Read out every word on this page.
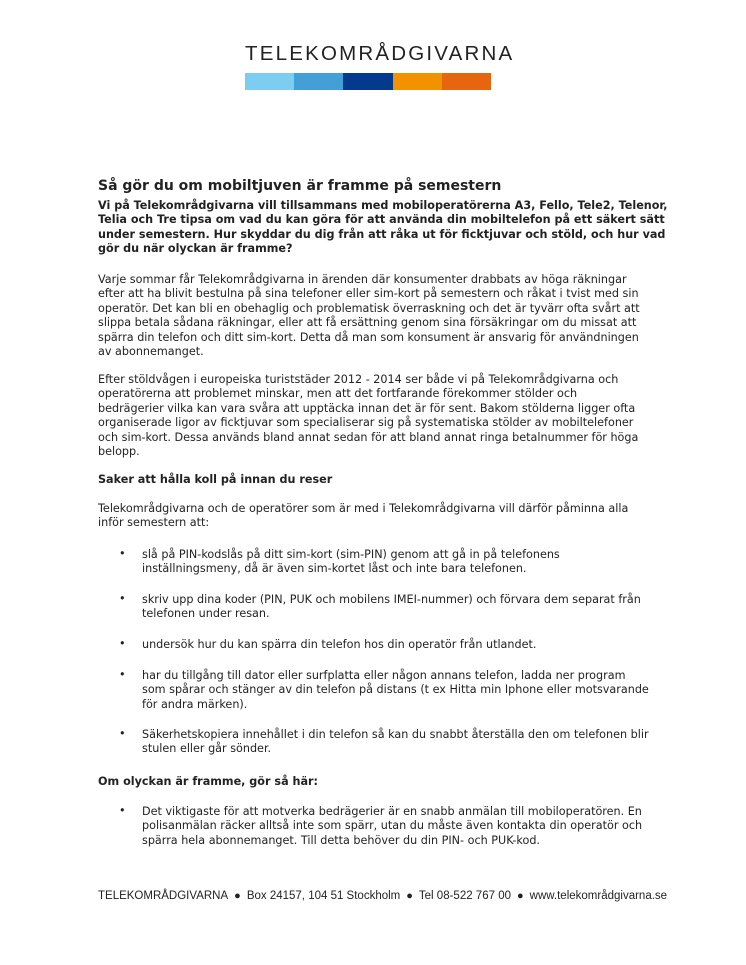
TELEKOMRÅDGIVARNA
Så gör du om mobiltjuven är framme på semestern
Vi på Telekområdgivarna vill tillsammans med mobiloperatörerna A3, Fello, Tele2, Telenor,
Telia och Tre tipsa om vad du kan göra för att använda din mobiltelefon på ett säkert sätt
under semestern. Hur skyddar du dig från att råka ut för ficktjuvar och stöld, och hur vad
gör du när olyckan är framme?
Varje sommar får Telekområdgivarna in ärenden där konsumenter drabbats av höga räkningar
efter att ha blivit bestulna på sina telefoner eller sim-kort på semestern och råkat i tvist med sin
operatör. Det kan bli en obehaglig och problematisk överraskning och det är tyvärr ofta svårt att
slippa betala sådana räkningar, eller att få ersättning genom sina försäkringar om du missat att
spärra din telefon och ditt sim-kort. Detta då man som konsument är ansvarig för användningen
av abonnemanget.
Efter stöldvågen i europeiska turiststäder 2012 - 2014 ser både vi på Telekområdgivarna och
operatörerna att problemet minskar, men att det fortfarande förekommer stölder och
bedrägerier vilka kan vara svåra att upptäcka innan det är för sent. Bakom stölderna ligger ofta
organiserade ligor av ficktjuvar som specialiserar sig på systematiska stölder av mobiltelefoner
och sim-kort. Dessa används bland annat sedan för att bland annat ringa betalnummer för höga
belopp.
Saker att hålla koll på innan du reser
Telekområdgivarna och de operatörer som är med i Telekområdgivarna vill därför påminna alla
inför semestern att:
• slå på PIN-kodslås på ditt sim-kort (sim-PIN) genom att gå in på telefonens
inställningsmeny, då är även sim-kortet låst och inte bara telefonen.
• skriv upp dina koder (PIN, PUK och mobilens IMEI-nummer) och förvara dem separat från
telefonen under resan.
• undersök hur du kan spärra din telefon hos din operatör från utlandet.
• har du tillgång till dator eller surfplatta eller någon annans telefon, ladda ner program
som spårar och stänger av din telefon på distans (t ex Hitta min Iphone eller motsvarande
för andra märken).
• Säkerhetskopiera innehållet i din telefon så kan du snabbt återställa den om telefonen blir
stulen eller går sönder.
Om olyckan är framme, gör så här:
• Det viktigaste för att motverka bedrägerier är en snabb anmälan till mobiloperatören. En
polisanmälan räcker alltså inte som spärr, utan du måste även kontakta din operatör och
spärra hela abonnemanget. Till detta behöver du din PIN- och PUK-kod.
TELEKOMRÅDGIVARNA ● Box 24157, 104 51 Stockholm ● Tel 08-522 767 00 ● www.telekområdgivarna.se
